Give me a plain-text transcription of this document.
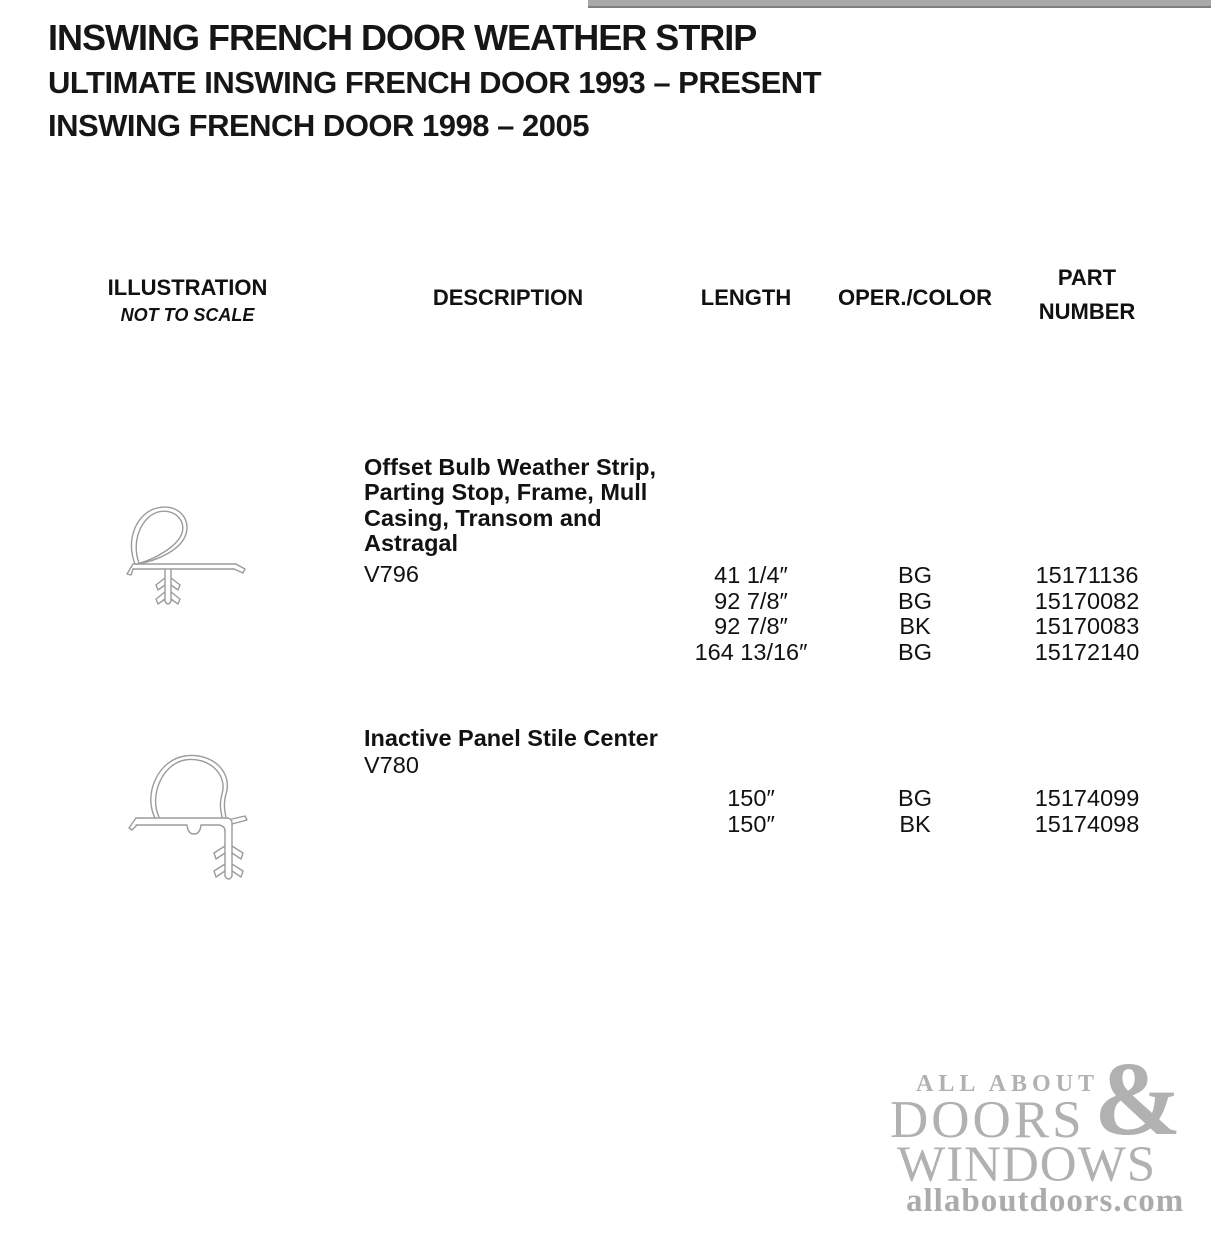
INSWING FRENCH DOOR WEATHER STRIP
ULTIMATE INSWING FRENCH DOOR 1993 – PRESENT
INSWING FRENCH DOOR 1998 – 2005
ILLUSTRATION
NOT TO SCALE
DESCRIPTION	LENGTH	OPER./COLOR
PART
NUMBER
Offset Bulb Weather Strip, Parting Stop, Frame, Mull Casing, Transom and Astragal
V796	41 1/4″	BG	15171136
92 7/8″	BG	15170082
92 7/8″	BK	15170083
164 13/16″	BG	15172140
Inactive Panel Stile Center
V780
150″	BG	15174099
150″	BK	15174098
ALL ABOUT
&
DOORS
WINDOWS
allaboutdoors.com
